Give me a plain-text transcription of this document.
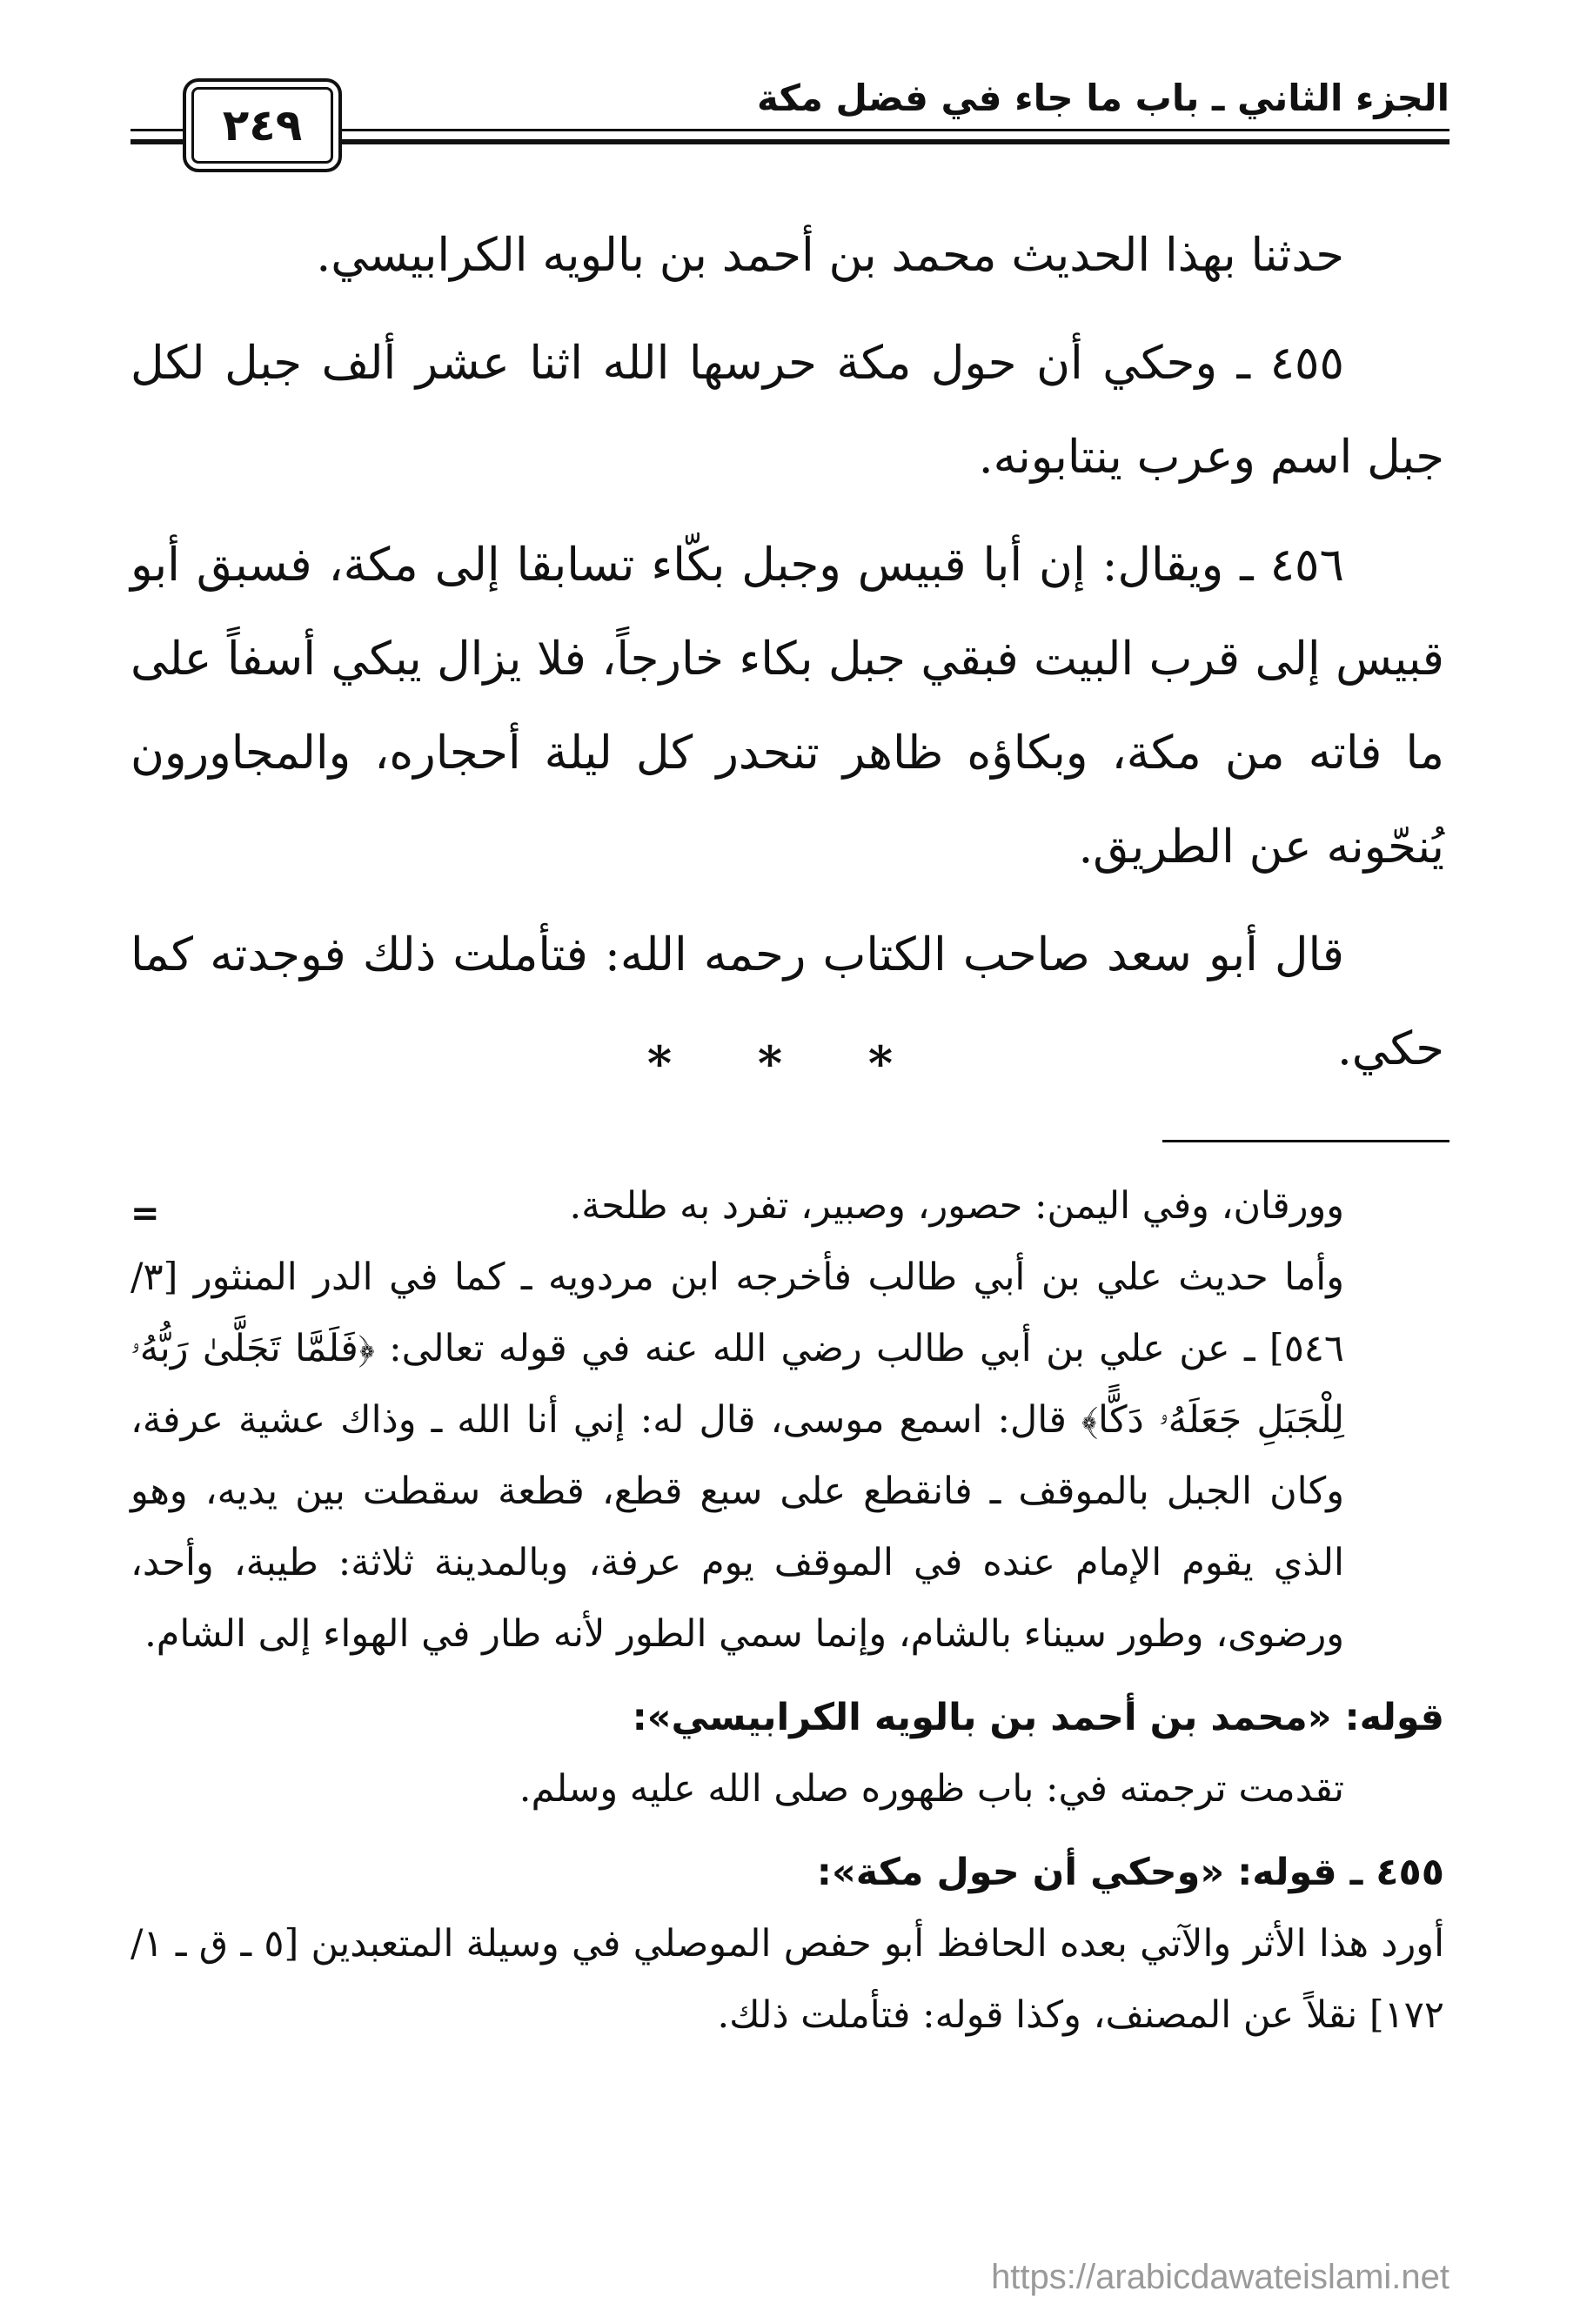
الجزء الثاني ـ باب ما جاء في فضل مكة
٢٤٩

حدثنا بهذا الحديث محمد بن أحمد بن بالويه الكرابيسي.

٤٥٥ ـ وحكي أن حول مكة حرسها الله اثنا عشر ألف جبل لكل جبل اسم وعرب ينتابونه.

٤٥٦ ـ ويقال: إن أبا قبيس وجبل بكّاء تسابقا إلى مكة، فسبق أبو قبيس إلى قرب البيت فبقي جبل بكاء خارجاً، فلا يزال يبكي أسفاً على ما فاته من مكة، وبكاؤه ظاهر تنحدر كل ليلة أحجاره، والمجاورون يُنحّونه عن الطريق.

قال أبو سعد صاحب الكتاب رحمه الله: فتأملت ذلك فوجدته كما حكي.

* * *
=	وورقان، وفي اليمن: حصور، وصبير، تفرد به طلحة.

وأما حديث علي بن أبي طالب فأخرجه ابن مردويه ـ كما في الدر المنثور [٣/ ٥٤٦] ـ عن علي بن أبي طالب رضي الله عنه في قوله تعالى: ﴿فَلَمَّا تَجَلَّىٰ رَبُّهُۥ لِلْجَبَلِ جَعَلَهُۥ دَكًّا﴾ قال: اسمع موسى، قال له: إني أنا الله ـ وذاك عشية عرفة، وكان الجبل بالموقف ـ فانقطع على سبع قطع، قطعة سقطت بين يديه، وهو الذي يقوم الإمام عنده في الموقف يوم عرفة، وبالمدينة ثلاثة: طيبة، وأحد، ورضوى، وطور سيناء بالشام، وإنما سمي الطور لأنه طار في الهواء إلى الشام.

قوله: «محمد بن أحمد بن بالويه الكرابيسي»:

تقدمت ترجمته في: باب ظهوره صلى الله عليه وسلم.

٤٥٥ ـ قوله: «وحكي أن حول مكة»:

أورد هذا الأثر والآتي بعده الحافظ أبو حفص الموصلي في وسيلة المتعبدين [٥ ـ ق ـ ١/ ١٧٢] نقلاً عن المصنف، وكذا قوله: فتأملت ذلك.

https://arabicdawateislami.net
